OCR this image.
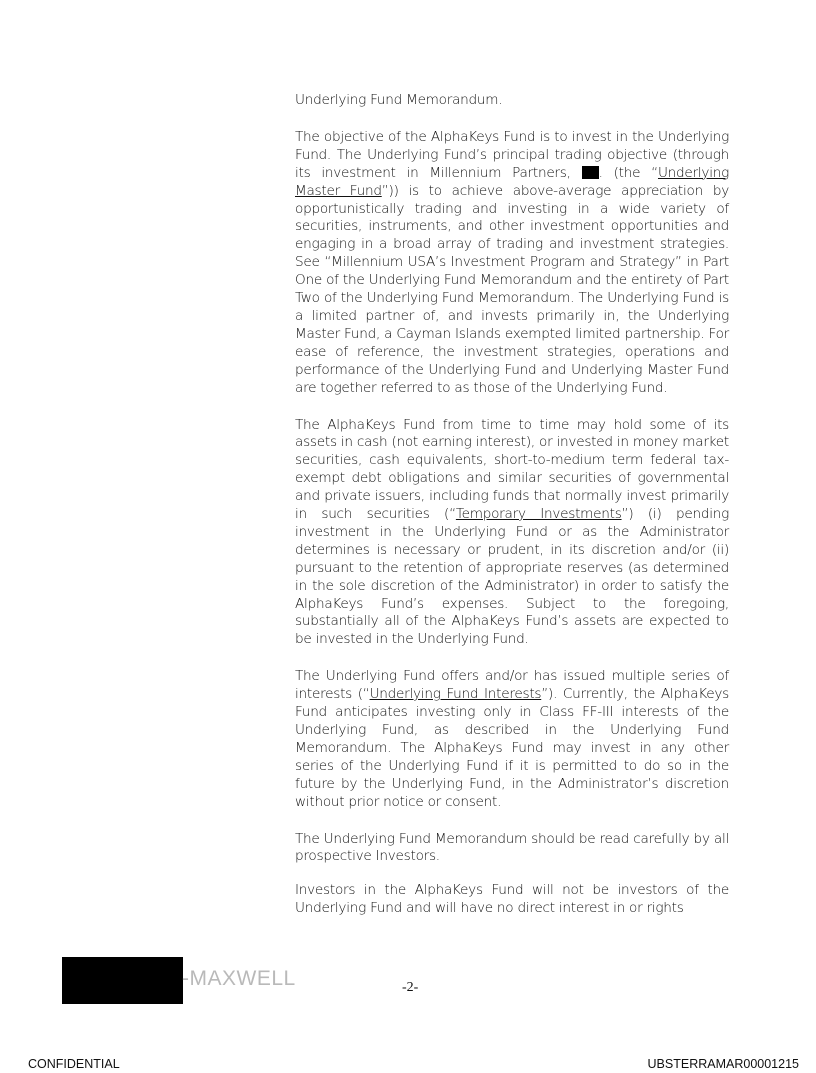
Underlying Fund Memorandum.

The objective of the AlphaKeys Fund is to invest in the Underlying Fund. The Underlying Fund’s principal trading objective (through its investment in Millennium Partners, . (the “Underlying Master Fund”)) is to achieve above-average appreciation by opportunistically trading and investing in a wide variety of securities, instruments, and other investment opportunities and engaging in a broad array of trading and investment strategies. See “Millennium USA’s Investment Program and Strategy” in Part One of the Underlying Fund Memorandum and the entirety of Part Two of the Underlying Fund Memorandum. The Underlying Fund is a limited partner of, and invests primarily in, the Underlying Master Fund, a Cayman Islands exempted limited partnership. For ease of reference, the investment strategies, operations and performance of the Underlying Fund and Underlying Master Fund are together referred to as those of the Underlying Fund.

The AlphaKeys Fund from time to time may hold some of its assets in cash (not earning interest), or invested in money market securities, cash equivalents, short-to-medium term federal tax-exempt debt obligations and similar securities of governmental and private issuers, including funds that normally invest primarily in such securities (“Temporary Investments”) (i) pending investment in the Underlying Fund or as the Administrator determines is necessary or prudent, in its discretion and/or (ii) pursuant to the retention of appropriate reserves (as determined in the sole discretion of the Administrator) in order to satisfy the AlphaKeys Fund’s expenses. Subject to the foregoing, substantially all of the AlphaKeys Fund’s assets are expected to be invested in the Underlying Fund.

The Underlying Fund offers and/or has issued multiple series of interests (“Underlying Fund Interests”). Currently, the AlphaKeys Fund anticipates investing only in Class FF-III interests of the Underlying Fund, as described in the Underlying Fund Memorandum. The AlphaKeys Fund may invest in any other series of the Underlying Fund if it is permitted to do so in the future by the Underlying Fund, in the Administrator’s discretion without prior notice or consent.

The Underlying Fund Memorandum should be read carefully by all prospective Investors.

Investors in the AlphaKeys Fund will not be investors of the Underlying Fund and will have no direct interest in or rights

-MAXWELL	-2-
CONFIDENTIAL	UBSTERRAMAR00001215
